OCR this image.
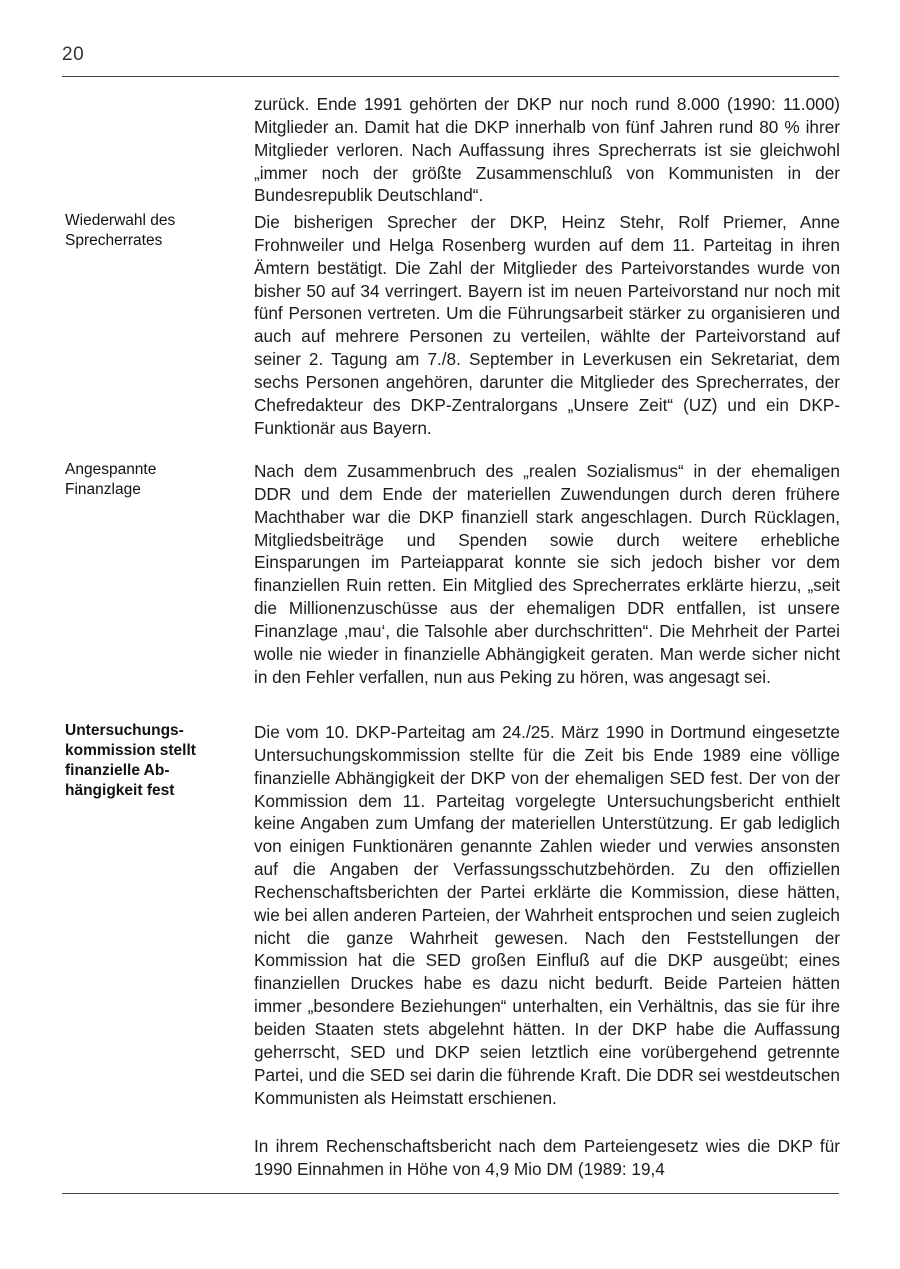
20
Wiederwahl des Sprecherrates
Angespannte Finanzlage
Untersuchungs-
kommission stellt finanzielle Ab-
hängigkeit fest
zurück. Ende 1991 gehörten der DKP nur noch rund 8.000 (1990: 11.000) Mitglieder an. Damit hat die DKP innerhalb von fünf Jahren rund 80 % ihrer Mitglieder verloren. Nach Auffassung ihres Sprecherrats ist sie gleichwohl „immer noch der größte Zusammenschluß von Kommunisten in der Bundesrepublik Deutschland“.
Die bisherigen Sprecher der DKP, Heinz Stehr, Rolf Priemer, Anne Frohnweiler und Helga Rosenberg wurden auf dem 11. Parteitag in ihren Ämtern bestätigt. Die Zahl der Mitglieder des Parteivorstandes wurde von bisher 50 auf 34 verringert. Bayern ist im neuen Parteivorstand nur noch mit fünf Personen vertreten. Um die Führungsarbeit stärker zu organisieren und auch auf mehrere Personen zu verteilen, wählte der Parteivorstand auf seiner 2. Tagung am 7./8. September in Leverkusen ein Sekretariat, dem sechs Personen angehören, darunter die Mitglieder des Sprecherrates, der Chefredakteur des DKP-Zentralorgans „Unsere Zeit“ (UZ) und ein DKP-Funktionär aus Bayern.
Nach dem Zusammenbruch des „realen Sozialismus“ in der ehemaligen DDR und dem Ende der materiellen Zuwendungen durch deren frühere Machthaber war die DKP finanziell stark angeschlagen. Durch Rücklagen, Mitgliedsbeiträge und Spenden sowie durch weitere erhebliche Einsparungen im Parteiapparat konnte sie sich jedoch bisher vor dem finanziellen Ruin retten. Ein Mitglied des Sprecherrates erklärte hierzu, „seit die Millionenzuschüsse aus der ehemaligen DDR entfallen, ist unsere Finanzlage ‚mau‘, die Talsohle aber durchschritten“. Die Mehrheit der Partei wolle nie wieder in finanzielle Abhängigkeit geraten. Man werde sicher nicht in den Fehler verfallen, nun aus Peking zu hören, was angesagt sei.
Die vom 10. DKP-Parteitag am 24./25. März 1990 in Dortmund eingesetzte Untersuchungskommission stellte für die Zeit bis Ende 1989 eine völlige finanzielle Abhängigkeit der DKP von der ehemaligen SED fest. Der von der Kommission dem 11. Parteitag vorgelegte Untersuchungsbericht enthielt keine Angaben zum Umfang der materiellen Unterstützung. Er gab lediglich von einigen Funktionären genannte Zahlen wieder und verwies ansonsten auf die Angaben der Verfassungsschutzbehörden. Zu den offiziellen Rechenschaftsberichten der Partei erklärte die Kommission, diese hätten, wie bei allen anderen Parteien, der Wahrheit entsprochen und seien zugleich nicht die ganze Wahrheit gewesen. Nach den Feststellungen der Kommission hat die SED großen Einfluß auf die DKP ausgeübt; eines finanziellen Druckes habe es dazu nicht bedurft. Beide Parteien hätten immer „besondere Beziehungen“ unterhalten, ein Verhältnis, das sie für ihre beiden Staaten stets abgelehnt hätten. In der DKP habe die Auffassung geherrscht, SED und DKP seien letztlich eine vorübergehend getrennte Partei, und die SED sei darin die führende Kraft. Die DDR sei westdeutschen Kommunisten als Heimstatt erschienen.
In ihrem Rechenschaftsbericht nach dem Parteiengesetz wies die DKP für 1990 Einnahmen in Höhe von 4,9 Mio DM (1989: 19,4
